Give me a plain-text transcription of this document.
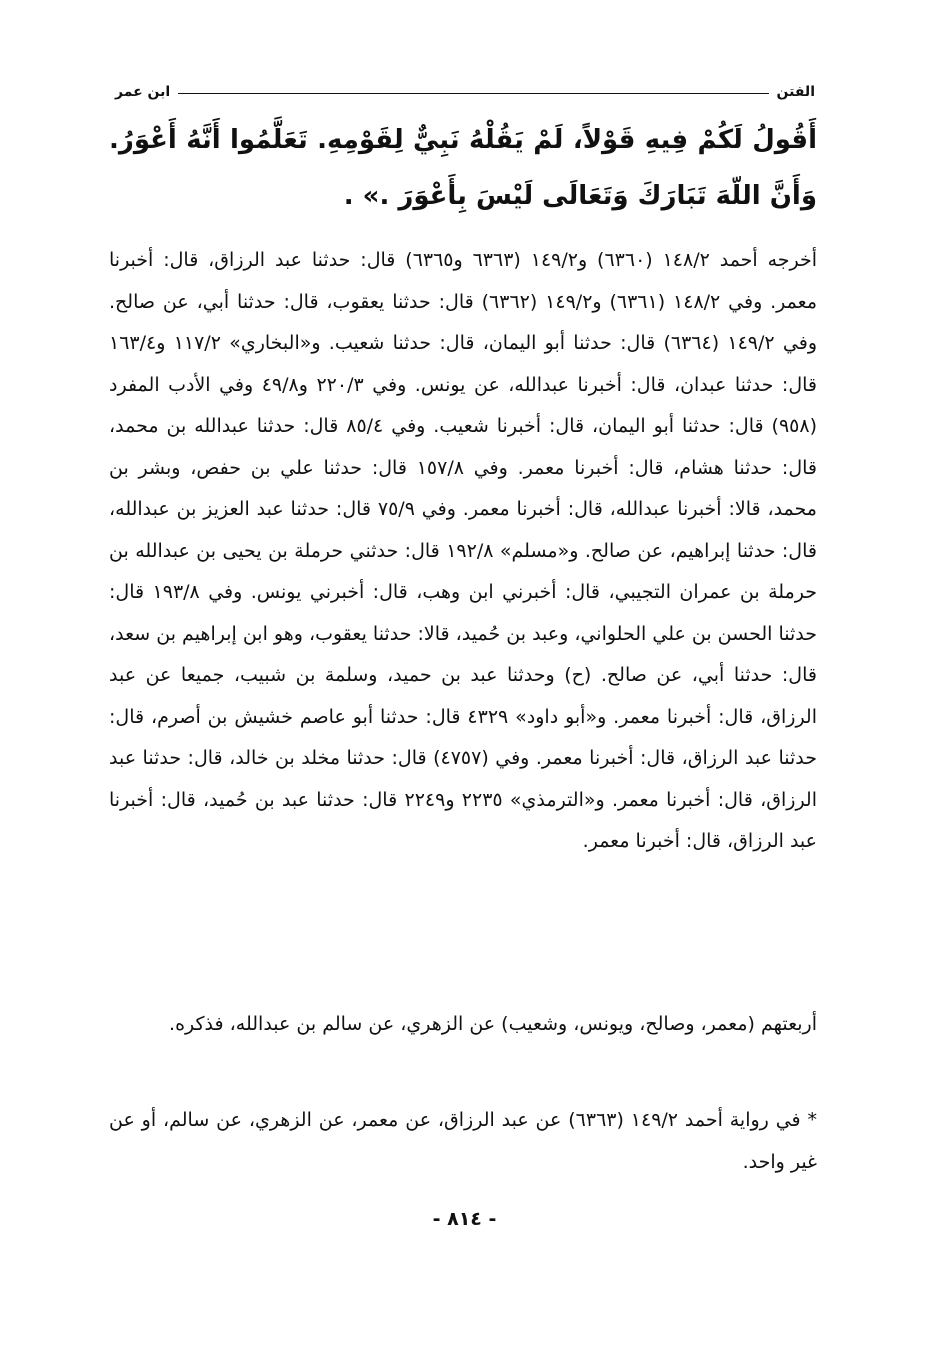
الفتن
ابن عمر
أَقُولُ لَكُمْ فِيهِ قَوْلاً، لَمْ يَقُلْهُ نَبِيٌّ لِقَوْمِهِ. تَعَلَّمُوا أَنَّهُ أَعْوَرُ. وَأَنَّ اللّهَ تَبَارَكَ وَتَعَالَى لَيْسَ بِأَعْوَرَ .» .
أخرجه أحمد ١٤٨/٢ (٦٣٦٠) و١٤٩/٢ (٦٣٦٣ و٦٣٦٥) قال: حدثنا عبد الرزاق، قال: أخبرنا معمر. وفي ١٤٨/٢ (٦٣٦١) و١٤٩/٢ (٦٣٦٢) قال: حدثنا يعقوب، قال: حدثنا أبي، عن صالح. وفي ١٤٩/٢ (٦٣٦٤) قال: حدثنا أبو اليمان، قال: حدثنا شعيب. و«البخاري» ١١٧/٢ و١٦٣/٤ قال: حدثنا عبدان، قال: أخبرنا عبدالله، عن يونس. وفي ٢٢٠/٣ و٤٩/٨ وفي الأدب المفرد (٩٥٨) قال: حدثنا أبو اليمان، قال: أخبرنا شعيب. وفي ٨٥/٤ قال: حدثنا عبدالله بن محمد، قال: حدثنا هشام، قال: أخبرنا معمر. وفي ١٥٧/٨ قال: حدثنا علي بن حفص، وبشر بن محمد، قالا: أخبرنا عبدالله، قال: أخبرنا معمر. وفي ٧٥/٩ قال: حدثنا عبد العزيز بن عبدالله، قال: حدثنا إبراهيم، عن صالح. و«مسلم» ١٩٢/٨ قال: حدثني حرملة بن يحيى بن عبدالله بن حرملة بن عمران التجيبي، قال: أخبرني ابن وهب، قال: أخبرني يونس. وفي ١٩٣/٨ قال: حدثنا الحسن بن علي الحلواني، وعبد بن حُميد، قالا: حدثنا يعقوب، وهو ابن إبراهيم بن سعد، قال: حدثنا أبي، عن صالح. (ح) وحدثنا عبد بن حميد، وسلمة بن شبيب، جميعا عن عبد الرزاق، قال: أخبرنا معمر. و«أبو داود» ٤٣٢٩ قال: حدثنا أبو عاصم خشيش بن أصرم، قال: حدثنا عبد الرزاق، قال: أخبرنا معمر. وفي (٤٧٥٧) قال: حدثنا مخلد بن خالد، قال: حدثنا عبد الرزاق، قال: أخبرنا معمر. و«الترمذي» ٢٢٣٥ و٢٢٤٩ قال: حدثنا عبد بن حُميد، قال: أخبرنا عبد الرزاق، قال: أخبرنا معمر.
أربعتهم (معمر، وصالح، ويونس، وشعيب) عن الزهري، عن سالم بن عبدالله، فذكره.
* في رواية أحمد ١٤٩/٢ (٦٣٦٣) عن عبد الرزاق، عن معمر، عن الزهري، عن سالم، أو عن غير واحد.
- ٨١٤ -
